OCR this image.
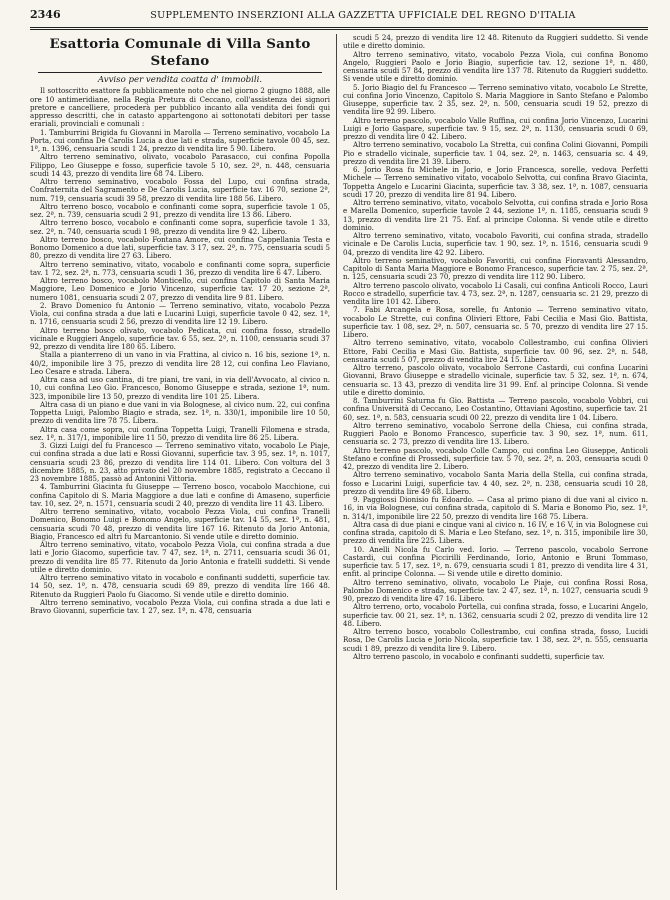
2346	SUPPLEMENTO INSERZIONI ALLA GAZZETTA UFFICIALE DEL REGNO D'ITALIA
Esattoria Comunale di Villa Santo Stefano
Avviso per vendita coatta d' immobili.

Il sottoscritto esattore fa pubblicamente noto che nel giorno 2 giugno 1888, alle ore 10 antimeridiane, nella Regia Pretura di Ceccano, coll'assistenza dei signori pretore e cancelliere, procederà per pubblico incanto alla vendita dei fondi qui appresso descritti, che in catasto appartengono ai sottonotati debitori per tasse erariali, provinciali e comunali :

1. Tamburrini Brigida fu Giovanni in Marolla — Terreno seminativo, vocabolo La Porta, cui confina De Carolis Lucia a due lati e strada, superficie tavole 00 45, sez. 1ª, n. 1396, censuaria scudi 1 24, prezzo di vendita lire 5 90. Libero.

Altro terreno seminativo, olivato, vocabolo Parasacco, cui confina Popolla Filippo, Leo Giuseppe e fosso, superficie tavole 5 10, sez. 2ª, n. 448, censuaria scudi 14 43, prezzo di vendita lire 68 74. Libero.

Altro terreno seminativo, vocabolo Fossa del Lupo, cui confina strada, Confraternita del Sagramento e De Carolis Lucia, superficie tav. 16 70, sezione 2ª, num. 719, censuaria scudi 39 58, prezzo di vendita lire 188 56. Libero.

Altro terreno bosco, vocabolo e confinanti come sopra, superficie tavole 1 05, sez. 2ª, n. 739, censuaria scudi 2 91, prezzo di vendita lire 13 86. Libero.

Altro terreno bosco, vocabolo e confinanti come sopra, superficie tavole 1 33, sez. 2ª, n. 740, censuaria scudi 1 98, prezzo di vendita lire 9 42. Libero.

Altro terreno bosco, vocabolo Fontana Amore, cui confina Cappellania Testa e Bonomo Domenico a due lati, superficie tav. 3 17, sez. 2ª, n. 775, censuaria scudi 5 80, prezzo di vendita lire 27 63. Libero.

Altro terreno seminativo, vitato, vocabolo e confinanti come sopra, superficie tav. 1 72, sez. 2ª, n. 773, censuaria scudi 1 36, prezzo di vendita lire 6 47. Libero.

Altro terreno bosco, vocabolo Monticello, cui confina Capitolo di Santa Maria Maggiore, Leo Domenico e Jorio Vincenzo, superficie tav. 17 20, sezione 2ª, numero 1081, censuaria scudi 2 07, prezzo di vendita lire 9 81. Libero.

2. Bravo Domenico fu Antonio — Terreno seminativo, vitato, vocabolo Pezza Viola, cui confina strada a due lati e Lucarini Luigi, superficie tavole 0 42, sez. 1ª, n. 1716, censuaria scudi 2 56, prezzo di vendita lire 12 19. Libero.

Altro terreno bosco olivato, vocabolo Pedicata, cui confina fosso, stradello vicinale e Ruggieri Angelo, superficie tav. 6 55, sez. 2ª, n. 1100, censuaria scudi 37 92, prezzo di vendita lire 180 65. Libero.

Stalla a pianterreno di un vano in via Frattina, al civico n. 16 bis, sezione 1ª, n. 40/2, imponibile lire 3 75, prezzo di vendita lire 28 12, cui confina Leo Flaviano, Leo Cesare e strada. Libera.

Altra casa ad uso cantina, di tre piani, tre vani, in via dell'Avvocato, al civico n. 10, cui confina Leo Gio. Francesco, Bonomo Giuseppe e strada, sezione 1ª, num. 323, imponibile lire 13 50, prezzo di vendita lire 101 25. Libera.

Altra casa di un piano e due vani in via Bolognese, al civico num. 22, cui confina Toppetta Luigi, Palombo Biagio e strada, sez. 1ª, n. 330/1, imponibile lire 10 50, prezzo di vendita lire 78 75. Libera.

Altra casa come sopra, cui confina Toppetta Luigi, Tranelli Filomena e strada, sez. 1ª, n. 317/1, imponibile lire 11 50, prezzo di vendita lire 86 25. Libera.

3. Gizzi Luigi del fu Francesco — Terreno seminativo vitato, vocabolo Le Piaje, cui confina strada a due lati e Rossi Giovanni, superficie tav. 3 95, sez. 1ª, n. 1017, censuaria scudi 23 86, prezzo di vendita lire 114 01. Libero. Con voltura del 3 dicembre 1885, n. 23, atto privato del 20 novembre 1885, registrato a Ceccano il 23 novembre 1885, passò ad Antonini Vittoria.

4. Tamburrini Giacinta fu Giuseppe — Terreno bosco, vocabolo Macchione, cui confina Capitolo di S. Maria Maggiore a due lati e confine di Amaseno, superficie tav. 10, sez. 2ª, n. 1571, censuaria scudi 2 40, prezzo di vendita lire 11 43. Libero.

Altro terreno seminativo, vitato, vocabolo Pezza Viola, cui confina Tranelli Domenico, Bonomo Luigi e Bonomo Angelo, superficie tav. 14 55, sez. 1ª, n. 481, censuaria scudi 70 48, prezzo di vendita lire 167 16. Ritenuto da Jorio Antonia, Biagio, Francesco ed altri fu Marcantonio. Si vende utile e diretto dominio.

Altro terreno seminativo, vitato, vocabolo Pezza Viola, cui confina strada a due lati e Jorio Giacomo, superficie tav. 7 47, sez. 1ª, n. 2711, censuaria scudi 36 01, prezzo di vendita lire 85 77. Ritenuto da Jorio Antonia e fratelli suddetti. Si vende utile e diretto dominio.

Altro terreno seminativo vitato in vocabolo e confinanti suddetti, superficie tav. 14 50, sez. 1ª, n. 478, censuaria scudi 69 89, prezzo di vendita lire 166 48. Ritenuto da Ruggieri Paolo fu Giacomo. Si vende utile e diretto dominio.

Altro terreno seminativo, vocabolo Pezza Viola, cui confina strada a due lati e Bravo Giovanni, superficie tav. 1 27, sez. 1ª, n. 478, censuaria

scudi 5 24, prezzo di vendita lire 12 48. Ritenuto da Ruggieri suddetto. Si vende utile e diretto dominio.

Altro terreno seminativo, vitato, vocabolo Pezza Viola, cui confina Bonomo Angelo, Ruggieri Paolo e Jorio Biagio, superficie tav. 12, sezione 1ª, n. 480, censuaria scudi 57 84, prezzo di vendita lire 137 78. Ritenuto da Ruggieri suddetto. Si vende utile e diretto dominio.

5. Jorio Biagio del fu Francesco — Terreno seminativo vitato, vocabolo Le Strette, cui confina Jorio Vincenzo, Capitolo S. Maria Maggiore in Santo Stefano e Palombo Giuseppe, superficie tav. 2 35, sez. 2ª, n. 500, censuaria scudi 19 52, prezzo di vendita lire 92 99. Libero.

Altro terreno pascolo, vocabolo Valle Ruffina, cui confina Jorio Vincenzo, Lucarini Luigi e Jorio Gaspare, superficie tav. 9 15, sez. 2ª, n. 1130, censuaria scudi 0 69, prezzo di vendita lire 0 42. Libero.

Altro terreno seminativo, vocabolo La Stretta, cui confina Colini Giovanni, Pompili Pio e stradello vicinale, superficie tav. 1 04, sez. 2ª, n. 1463, censuaria sc. 4 49, prezzo di vendita lire 21 39. Libero.

6. Jorio Rosa fu Michele in Jorio, e Jorio Francesca, sorelle, vedova Perfetti Michele — Terreno seminativo vitato, vocabolo Selvotta, cui confina Bravo Giacinta, Toppetta Angelo e Lucarini Giacinta, superficie tav. 3 38, sez. 1ª, n. 1087, censuaria scudi 17 20, prezzo di vendita lire 81 94. Libero.

Altro terreno seminativo, vitato, vocabolo Selvotta, cui confina strada e Jorio Rosa e Marella Domenico, superficie tavole 2 44, sezione 1ª, n. 1185, censuaria scudi 9 13, prezzo di vendita lire 21 75. Enf. al principe Colonna. Si vende utile e diretto dominio.

Altro terreno seminativo, vitato, vocabolo Favoriti, cui confina strada, stradello vicinale e De Carolis Lucia, superficie tav. 1 90, sez. 1ª, n. 1516, censuaria scudi 9 04, prezzo di vendita lire 42 92. Libero.

Altro terreno seminativo, vocabolo Favoriti, cui confina Fioravanti Alessandro, Capitolo di Santa Maria Maggiore e Bonomo Francesco, superficie tav. 2 75, sez. 2ª, n. 125, censuaria scudi 23 70, prezzo di vendita lire 112 90. Libero.

Altro terreno pascolo olivato, vocabolo Li Casali, cui confina Anticoli Rocco, Lauri Rocco e stradello, superficie tav. 4 73, sez. 2ª, n. 1287, censuaria sc. 21 29, prezzo di vendita lire 101 42. Libero.

7. Fabi Arcangela e Rosa, sorelle, fu Antonio — Terreno seminativo vitato, vocabolo Le Strette, cui confina Olivieri Ettore, Fabi Cecilia e Masi Gio. Battista, superficie tav. 1 08, sez. 2ª, n. 507, censuaria sc. 5 70, prezzo di vendita lire 27 15. Libero.

Altro terreno seminativo, vitato, vocabolo Collestrambo, cui confina Olivieri Ettore, Fabi Cecilia e Masi Gio. Battista, superficie tav. 00 96, sez. 2ª, n. 548, censuaria scudi 5 07, prezzo di vendita lire 24 15. Libero.

Altro terreno, pascolo olivato, vocabolo Serrone Castardi, cui confina Lucarini Giovanni, Bravo Giuseppe e stradello vicinale, superficie tav. 5 32, sez. 1ª, n. 674, censuaria sc. 13 43, prezzo di vendita lire 31 99. Enf. al principe Colonna. Si vende utile e diretto dominio.

8. Tamburrini Saturna fu Gio. Battista — Terreno pascolo, vocabolo Vobbri, cui confina Università di Ceccano, Leo Costantino, Ottaviani Agostino, superficie tav. 21 60, sez. 1ª, n. 583, censuaria scudi 00 22, prezzo di vendita lire 1 04. Libero.

Altro terreno seminativo, vocabolo Serrone della Chiesa, cui confina strada, Ruggieri Paolo e Bonomo Francesco, superficie tav. 3 90, sez. 1ª, num. 611, censuaria sc. 2 73, prezzo di vendita lire 13. Libero.

Altro terreno pascolo, vocabolo Colle Campo, cui confina Leo Giuseppe, Anticoli Stefano e confine di Prossedi, superficie tav. 5 70, sez. 2ª, n. 203, censuaria scudi 0 42, prezzo di vendita lire 2. Libero.

Altro terreno seminativo, vocabolo Santa Maria della Stella, cui confina strada, fosso e Lucarini Luigi, superficie tav. 4 40, sez. 2ª, n. 238, censuaria scudi 10 28, prezzo di vendita lire 49 68. Libero.

9. Paggiossi Dionisio fu Edoardo. — Casa al primo piano di due vani al civico n. 16, in via Bolognese, cui confina strada, capitolo di S. Maria e Bonomo Pio, sez. 1ª, n. 314/1, imponibile lire 22 50, prezzo di vendita lire 168 75. Libera.

Altra casa di due piani e cinque vani al civico n. 16 IV, e 16 V, in via Bolognese cui confina strada, capitolo di S. Maria e Leo Stefano, sez. 1ª, n. 315, imponibile lire 30, prezzo di vendita lire 225. Libera.

10. Anelli Nicola fu Carlo ved. Iorio. — Terreno pascolo, vocabolo Serrone Castardi, cui confina Piccirilli Ferdinando, Iorio, Antonio e Bruni Tommaso, superficie tav. 5 17, sez. 1ª, n. 679, censuaria scudi 1 81, prezzo di vendita lire 4 31, enfit. al principe Colonna. — Si vende utile e diretto dominio.

Altro terreno seminativo, olivato, vocabolo Le Piaje, cui confina Rossi Rosa, Palombo Domenico e strada, superficie tav. 2 47, sez. 1ª, n. 1027, censuaria scudi 9 90, prezzo di vendita lire 47 16. Libero.

Altro terreno, orto, vocabolo Portella, cui confina strada, fosso, e Lucarini Angelo, superficie tav. 00 21, sez. 1ª, n. 1362, censuaria scudi 2 02, prezzo di vendita lire 12 48. Libero.

Altro terreno bosco, vocabolo Collestrambo, cui confina strada, fosso, Lucidi Rosa, De Carolis Lucia e Jorio Nicola, superficie tav. 1 38, sez. 2ª, n. 555, censuaria scudi 1 89, prezzo di vendita lire 9. Libero.

Altro terreno pascolo, in vocabolo e confinanti suddetti, superficie tav.
